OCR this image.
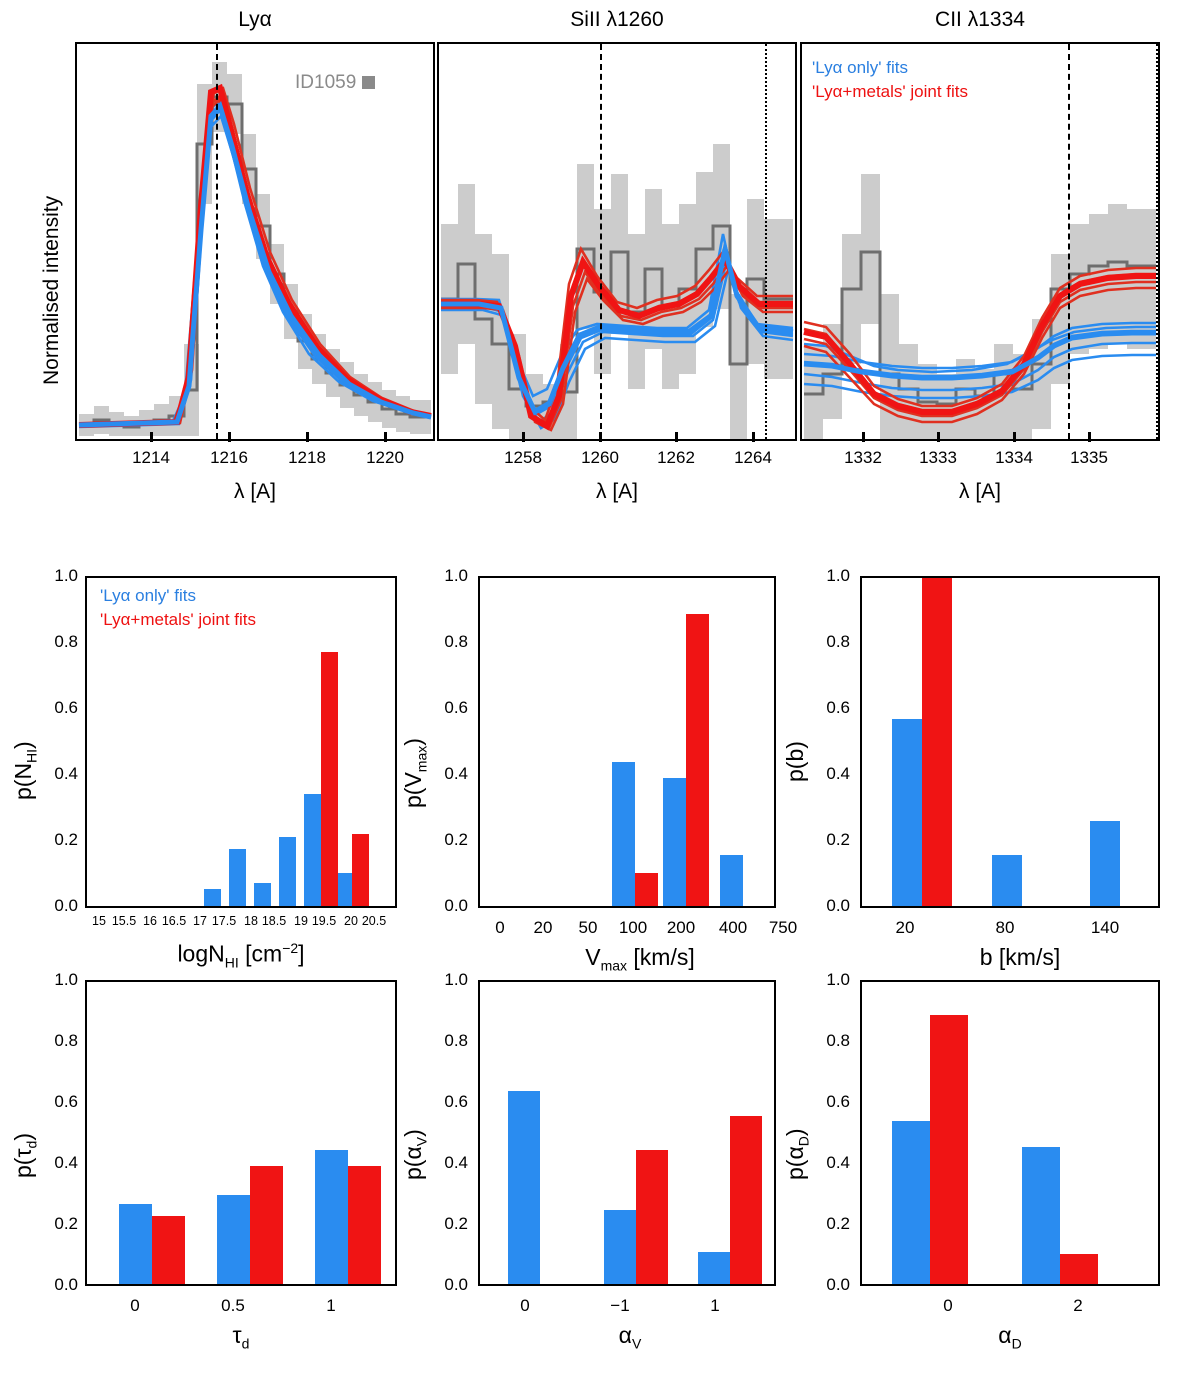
Lyα
ID1059
1214	1216	1218	1220
λ [A]
Normalised intensity
SiII λ1260
1258	1260	1262	1264
λ [A]
CII λ1334
1332	1333	1334	1335
λ [A]
'Lyα only' fits
'Lyα+metals' joint fits
'Lyα only' fits
'Lyα+metals' joint fits
1.0
0.8
0.6
0.4
0.2
0.0
$p(N_{HI})$
15 15.5 16 16.5 17 17.5 18 18.5 19 19.5 20 20.5
logN$_{HI}$ $[cm^{-2}]$
1.0
0.8
0.6
0.4
0.2
0.0
$p(V_{max})$
0	20	50	100	200	400	750
$V_{max}$ [km/s]
1.0
0.8
0.6
0.4
0.2
0.0
p(b)
20	80	140
b [km/s]
1.0
0.8
0.6
0.4
0.2
0.0
$p(\tau_d)$
0	0.5	1
$\tau_d$
1.0
0.8
0.6
0.4
0.2
0.0
$p(\alpha_V)$
0	−1	1
$\alpha_V$
1.0
0.8
0.6
0.4
0.2
0.0
$p(\alpha_D)$
0	2
$\alpha_D$
